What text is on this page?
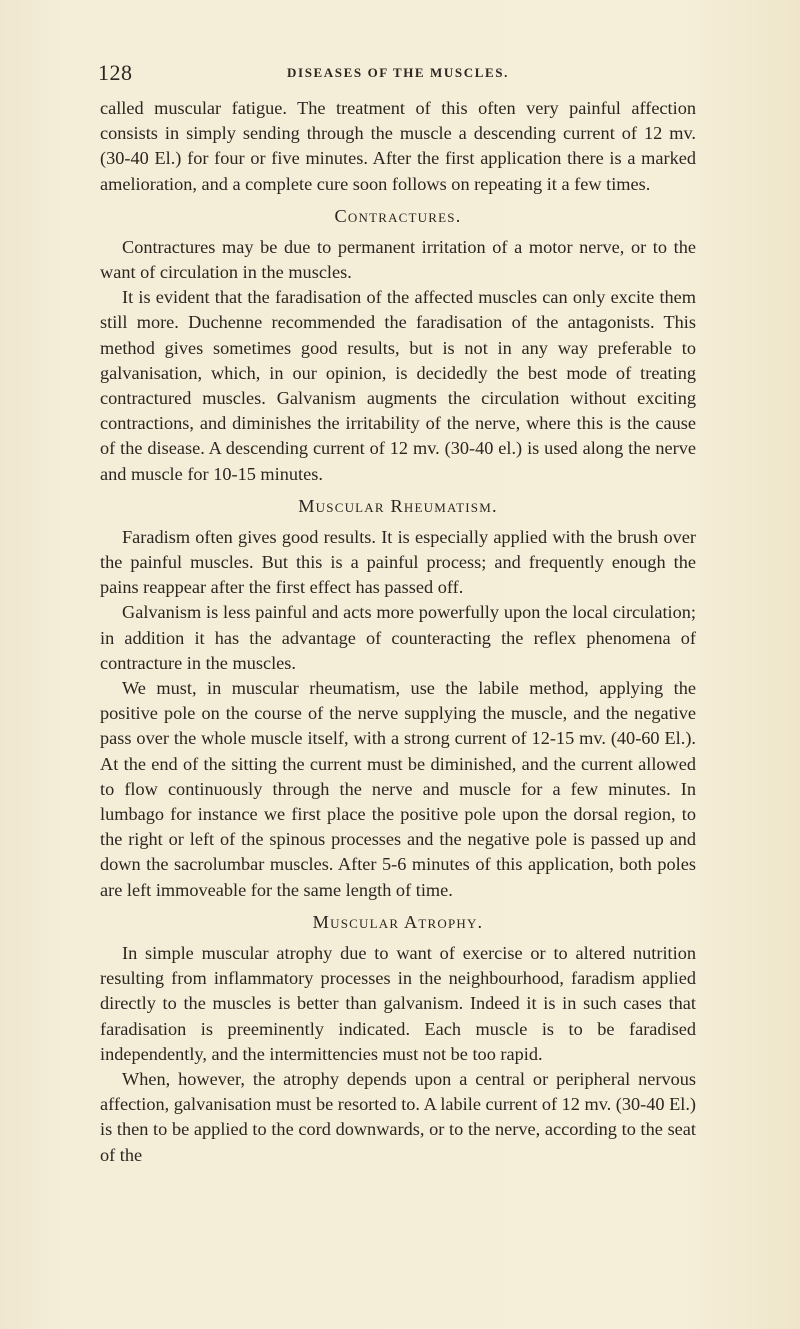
128	DISEASES OF THE MUSCLES.

called muscular fatigue. The treatment of this often very painful affection consists in simply sending through the muscle a descending current of 12 mv. (30-40 El.) for four or five minutes. After the first application there is a marked amelioration, and a complete cure soon follows on repeating it a few times.

Contractures.

Contractures may be due to permanent irritation of a motor nerve, or to the want of circulation in the muscles.

It is evident that the faradisation of the affected muscles can only excite them still more. Duchenne recommended the faradisation of the antagonists. This method gives sometimes good results, but is not in any way preferable to galvanisation, which, in our opinion, is decidedly the best mode of treating contractured muscles. Galvanism augments the circulation without exciting contractions, and diminishes the irritability of the nerve, where this is the cause of the disease. A descending current of 12 mv. (30-40 el.) is used along the nerve and muscle for 10-15 minutes.

Muscular Rheumatism.

Faradism often gives good results. It is especially applied with the brush over the painful muscles. But this is a painful process; and frequently enough the pains reappear after the first effect has passed off.

Galvanism is less painful and acts more powerfully upon the local circulation; in addition it has the advantage of counteracting the reflex phenomena of contracture in the muscles.

We must, in muscular rheumatism, use the labile method, applying the positive pole on the course of the nerve supplying the muscle, and the negative pass over the whole muscle itself, with a strong current of 12-15 mv. (40-60 El.). At the end of the sitting the current must be diminished, and the current allowed to flow continuously through the nerve and muscle for a few minutes. In lumbago for instance we first place the positive pole upon the dorsal region, to the right or left of the spinous processes and the negative pole is passed up and down the sacrolumbar muscles. After 5-6 minutes of this application, both poles are left immoveable for the same length of time.

Muscular Atrophy.

In simple muscular atrophy due to want of exercise or to altered nutrition resulting from inflammatory processes in the neighbourhood, faradism applied directly to the muscles is better than galvanism. Indeed it is in such cases that faradisation is preeminently indicated. Each muscle is to be faradised independently, and the intermittencies must not be too rapid.

When, however, the atrophy depends upon a central or peripheral nervous affection, galvanisation must be resorted to. A labile current of 12 mv. (30-40 El.) is then to be applied to the cord downwards, or to the nerve, according to the seat of the
